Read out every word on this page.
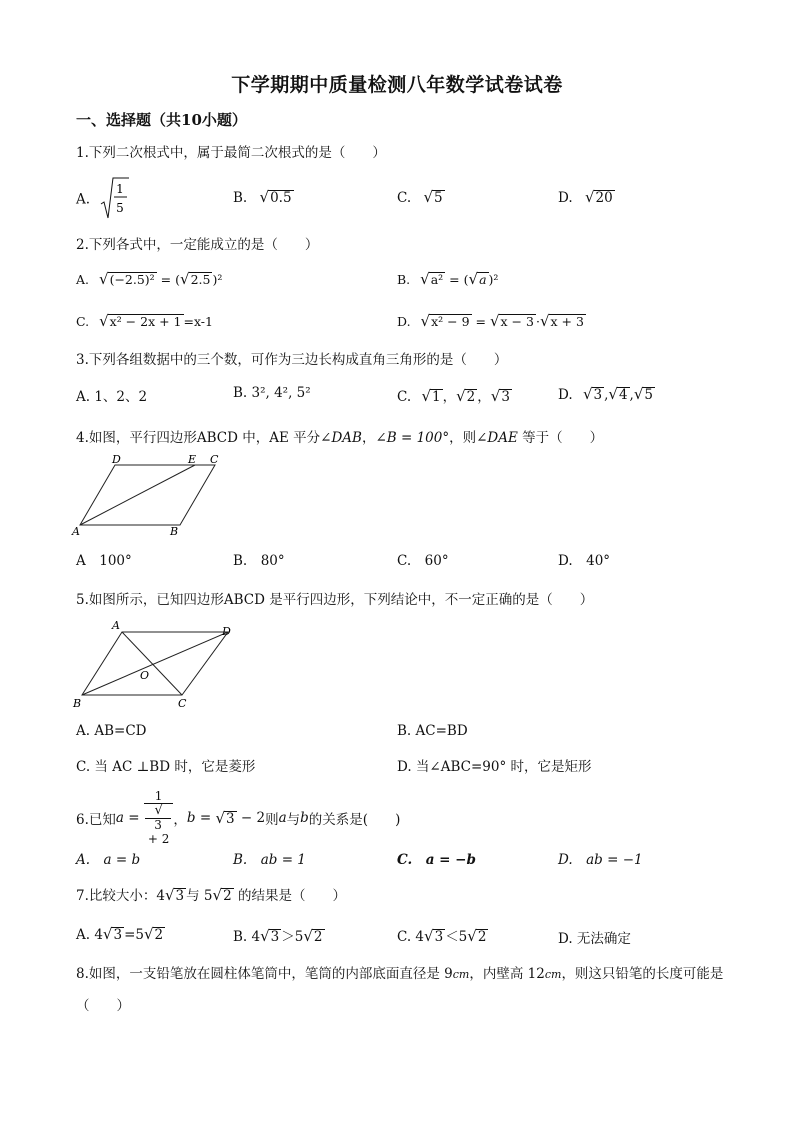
下学期期中质量检测八年数学试卷试卷
一、选择题（共10小题）
1.下列二次根式中，属于最简二次根式的是（　　）
A.
1
5
B. √0.5	C. √5	D. √20
2.下列各式中，一定能成立的是（　　）
A. √(−2.5)² = (√2.5 )²	B. √a² = (√a )²
C. √x² − 2x + 1 =x-1	D. √x² − 9 = √x − 3 ·√x + 3
3.下列各组数据中的三个数，可作为三边长构成直角三角形的是（　　）
A. 1、2、2	B. 3², 4², 5²	C. √1 ，√2 ，√3	D. √3 ,√4 ,√5
4.如图，平行四边形ABCD 中，AE 平分∠DAB，∠B = 100°，则∠DAE 等于（　　）
D	E C
A	B
A　100°	B.　80°	C.　60°	D.　40°
5.如图所示，已知四边形ABCD 是平行四边形，下列结论中，不一定正确的是（　　）
A	D
O
B	C
A. AB=CD	B. AC=BD
C. 当 AC ⊥BD 时，它是菱形	D. 当∠ABC=90° 时，它是矩形
6.已知a = 1
√
3
+ 2 ，b = √3 − 2则a与b的关系是(　　)
A.　a = b	B.　ab = 1	C.　a = −b	D.　ab = −1
7.比较大小：4√3 与 5√2 的结果是（　　）
A. 4√3 =5√2	B. 4√3 ＞5√2	C. 4√3 ＜5√2	D. 无法确定
8.如图，一支铅笔放在圆柱体笔筒中，笔筒的内部底面直径是 9cm，内壁高 12cm，则这只铅笔的长度可能是
（　　）
